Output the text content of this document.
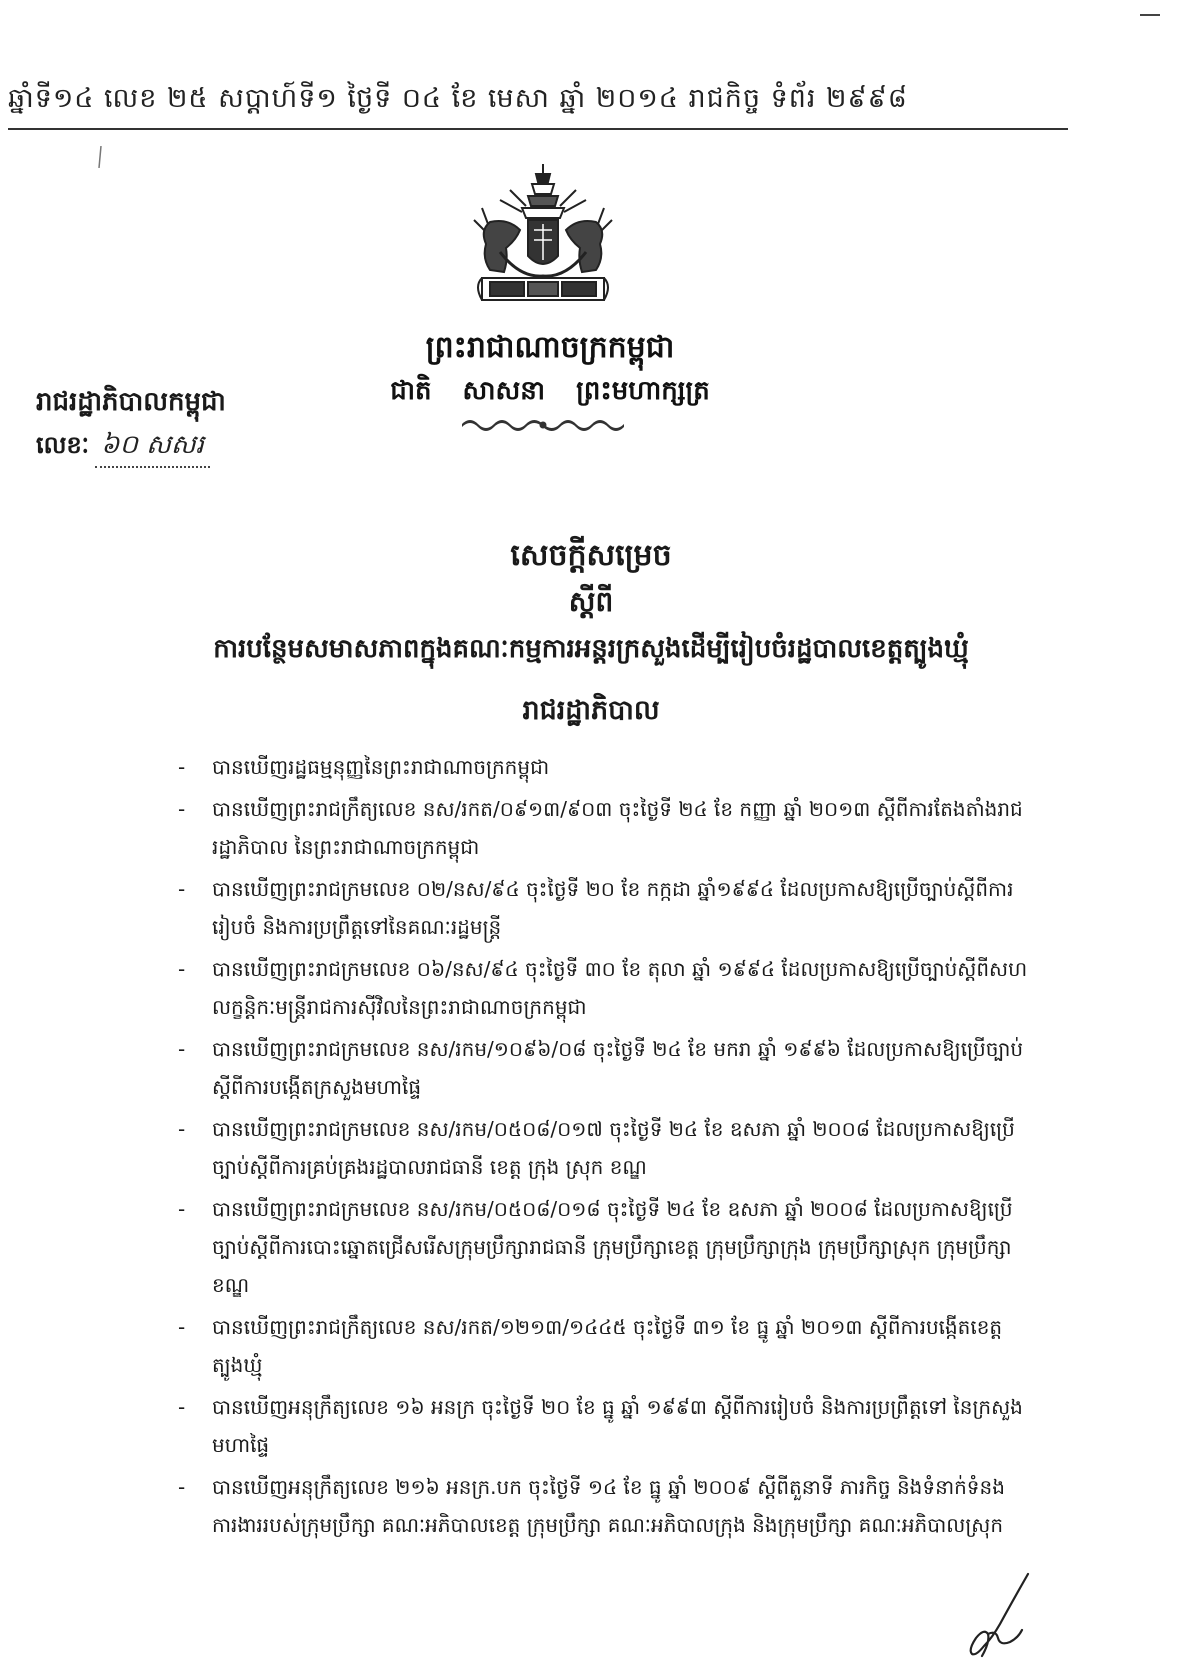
ឆ្នាំទី១៤ លេខ ២៥ សប្តាហ៍ទី១ ថ្ងៃទី ០៤ ខែ មេសា ឆ្នាំ ២០១៤ រាជកិច្ច ទំព័រ ២៩៩៨
ព្រះរាជាណាចក្រកម្ពុជា
ជាតិ សាសនា ព្រះមហាក្សត្រ
រាជរដ្ឋាភិបាលកម្ពុជា
លេខៈ ៦០ សសរ
សេចក្តីសម្រេច
ស្តីពី
ការបន្ថែមសមាសភាពក្នុងគណៈកម្មការអន្តរក្រសួងដើម្បីរៀបចំរដ្ឋបាលខេត្តត្បូងឃ្មុំ
រាជរដ្ឋាភិបាល
- បានឃើញរដ្ឋធម្មនុញ្ញនៃព្រះរាជាណាចក្រកម្ពុជា
- បានឃើញព្រះរាជក្រឹត្យលេខ នស/រកត/០៩១៣/៩០៣ ចុះថ្ងៃទី ២៤ ខែ កញ្ញា ឆ្នាំ ២០១៣ ស្តីពីការតែងតាំងរាជរដ្ឋាភិបាល នៃព្រះរាជាណាចក្រកម្ពុជា
- បានឃើញព្រះរាជក្រមលេខ ០២/នស/៩៤ ចុះថ្ងៃទី ២០ ខែ កក្កដា ឆ្នាំ១៩៩៤ ដែលប្រកាសឱ្យប្រើច្បាប់ស្តីពីការរៀបចំ និងការប្រព្រឹត្តទៅនៃគណៈរដ្ឋមន្ត្រី
- បានឃើញព្រះរាជក្រមលេខ ០៦/នស/៩៤ ចុះថ្ងៃទី ៣០ ខែ តុលា ឆ្នាំ ១៩៩៤ ដែលប្រកាសឱ្យប្រើច្បាប់ស្តីពីសហលក្ខន្តិកៈមន្ត្រីរាជការស៊ីវិលនៃព្រះរាជាណាចក្រកម្ពុជា
- បានឃើញព្រះរាជក្រមលេខ នស/រកម/១០៩៦/០៨ ចុះថ្ងៃទី ២៤ ខែ មករា ឆ្នាំ ១៩៩៦ ដែលប្រកាសឱ្យប្រើច្បាប់ស្តីពីការបង្កើតក្រសួងមហាផ្ទៃ
- បានឃើញព្រះរាជក្រមលេខ នស/រកម/០៥០៨/០១៧ ចុះថ្ងៃទី ២៤ ខែ ឧសភា ឆ្នាំ ២០០៨ ដែលប្រកាសឱ្យប្រើច្បាប់ស្តីពីការគ្រប់គ្រងរដ្ឋបាលរាជធានី ខេត្ត ក្រុង ស្រុក ខណ្ឌ
- បានឃើញព្រះរាជក្រមលេខ នស/រកម/០៥០៨/០១៨ ចុះថ្ងៃទី ២៤ ខែ ឧសភា ឆ្នាំ ២០០៨ ដែលប្រកាសឱ្យប្រើច្បាប់ស្តីពីការបោះឆ្នោតជ្រើសរើសក្រុមប្រឹក្សារាជធានី ក្រុមប្រឹក្សាខេត្ត ក្រុមប្រឹក្សាក្រុង ក្រុមប្រឹក្សាស្រុក ក្រុមប្រឹក្សាខណ្ឌ
- បានឃើញព្រះរាជក្រឹត្យលេខ នស/រកត/១២១៣/១៤៤៥ ចុះថ្ងៃទី ៣១ ខែ ធ្នូ ឆ្នាំ ២០១៣ ស្តីពីការបង្កើតខេត្តត្បូងឃ្មុំ
- បានឃើញអនុក្រឹត្យលេខ ១៦ អនក្រ ចុះថ្ងៃទី ២០ ខែ ធ្នូ ឆ្នាំ ១៩៩៣ ស្តីពីការរៀបចំ និងការប្រព្រឹត្តទៅ នៃក្រសួងមហាផ្ទៃ
- បានឃើញអនុក្រឹត្យលេខ ២១៦ អនក្រ.បក ចុះថ្ងៃទី ១៤ ខែ ធ្នូ ឆ្នាំ ២០០៩ ស្តីពីតួនាទី ភារកិច្ច និងទំនាក់ទំនងការងាររបស់ក្រុមប្រឹក្សា គណៈអភិបាលខេត្ត ក្រុមប្រឹក្សា គណៈអភិបាលក្រុង និងក្រុមប្រឹក្សា គណៈអភិបាលស្រុក
